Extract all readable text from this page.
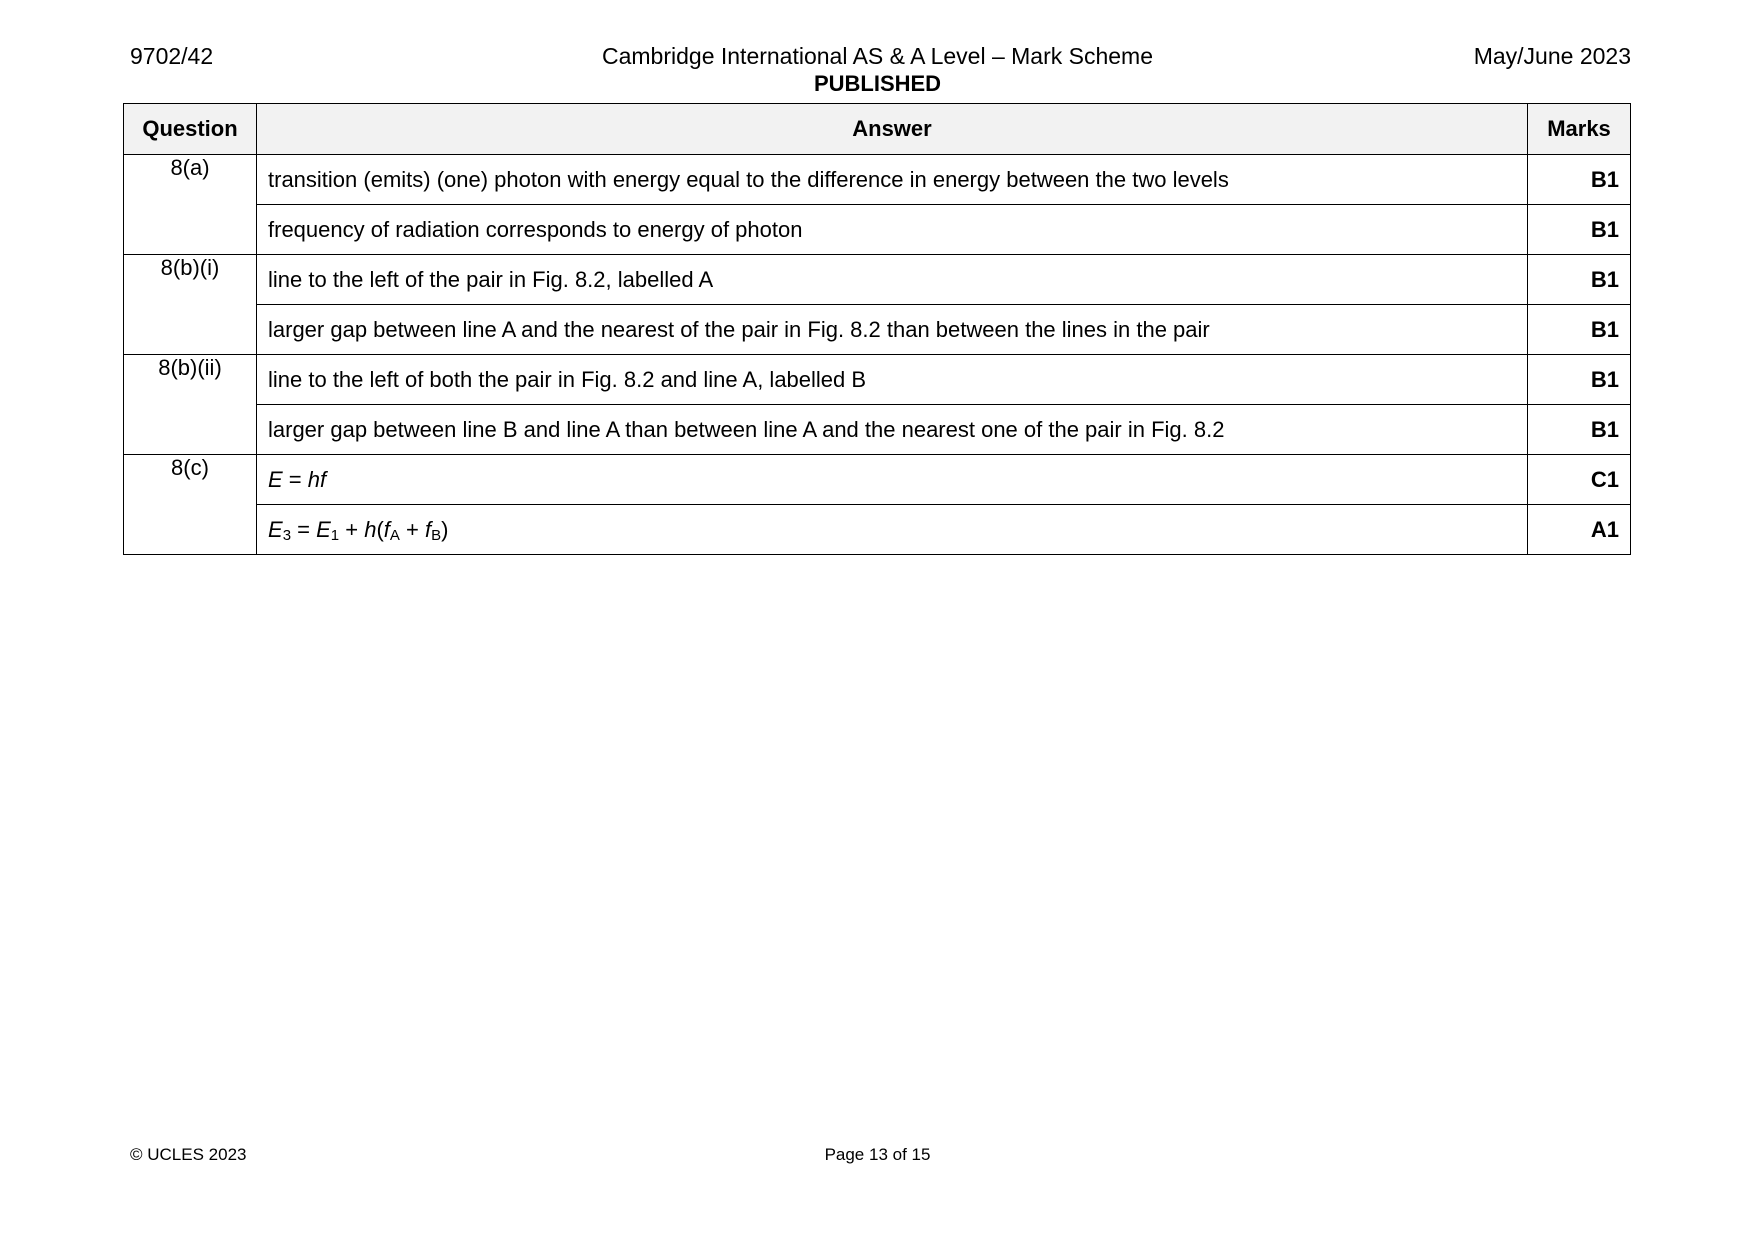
9702/42	Cambridge International AS & A Level – Mark Scheme
PUBLISHED
May/June 2023
Question	Answer	Marks
8(a)	transition (emits) (one) photon with energy equal to the difference in energy between the two levels	B1
	frequency of radiation corresponds to energy of photon	B1
8(b)(i)	line to the left of the pair in Fig. 8.2, labelled A	B1
	larger gap between line A and the nearest of the pair in Fig. 8.2 than between the lines in the pair	B1
8(b)(ii)	line to the left of both the pair in Fig. 8.2 and line A, labelled B	B1
	larger gap between line B and line A than between line A and the nearest one of the pair in Fig. 8.2	B1
8(c)	E = hf	C1
	$E_3 = E_1 + h(f_A + f_B)$	A1
© UCLES 2023	Page 13 of 15
